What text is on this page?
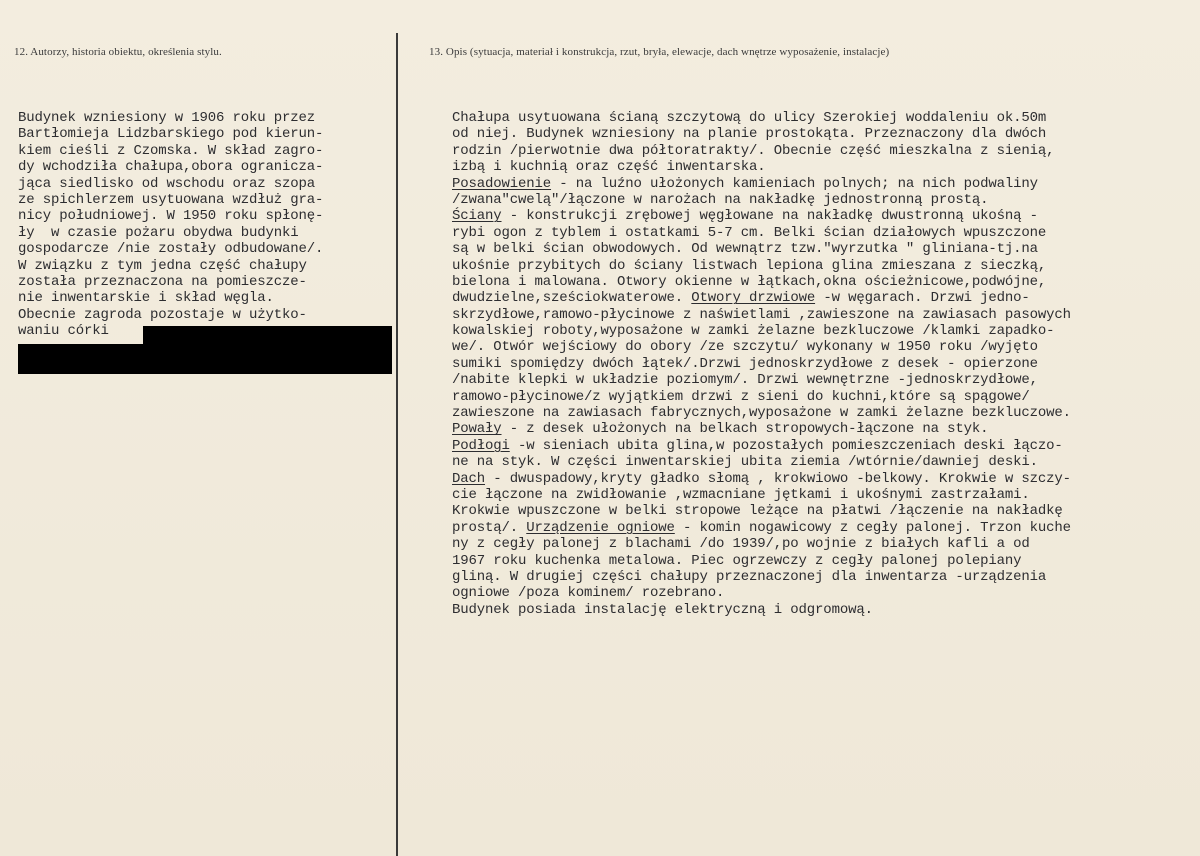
12. Autorzy, historia obiektu, określenia stylu.	13. Opis (sytuacja, materiał i konstrukcja, rzut, bryła, elewacje, dach wnętrze wyposażenie, instalacje)
Budynek wzniesiony w 1906 roku przez
Bartłomieja Lidzbarskiego pod kierun-
kiem cieśli z Czomska. W skład zagro-
dy wchodziła chałupa,obora ogranicza-
jąca siedlisko od wschodu oraz szopa
ze spichlerzem usytuowana wzdłuż gra-
nicy południowej. W 1950 roku spłonę-
ły  w czasie pożaru obydwa budynki
gospodarcze /nie zostały odbudowane/.
W związku z tym jedna część chałupy
została przeznaczona na pomieszcze-
nie inwentarskie i skład węgla.
Obecnie zagroda pozostaje w użytko-
waniu córki
Chałupa usytuowana ścianą szczytową do ulicy Szerokiej woddaleniu ok.50m
od niej. Budynek wzniesiony na planie prostokąta. Przeznaczony dla dwóch
rodzin /pierwotnie dwa półtoratrakty/. Obecnie część mieszkalna z sienią,
izbą i kuchnią oraz część inwentarska.
Posadowienie - na luźno ułożonych kamieniach polnych; na nich podwaliny
/zwana"cwelą"/łączone w narożach na nakładkę jednostronną prostą.
Ściany - konstrukcji zrębowej węgłowane na nakładkę dwustronną ukośną -
rybi ogon z tyblem i ostatkami 5-7 cm. Belki ścian działowych wpuszczone
są w belki ścian obwodowych. Od wewnątrz tzw."wyrzutka " gliniana-tj.na
ukośnie przybitych do ściany listwach lepiona glina zmieszana z sieczką,
bielona i malowana. Otwory okienne w łątkach,okna ościeżnicowe,podwójne,
dwudzielne,sześciokwaterowe. Otwory drzwiowe -w węgarach. Drzwi jedno-
skrzydłowe,ramowo-płycinowe z naświetlami ,zawieszone na zawiasach pasowych
kowalskiej roboty,wyposażone w zamki żelazne bezkluczowe /klamki zapadko-
we/. Otwór wejściowy do obory /ze szczytu/ wykonany w 1950 roku /wyjęto
sumiki spomiędzy dwóch łątek/.Drzwi jednoskrzydłowe z desek - opierzone
/nabite klepki w układzie poziomym/. Drzwi wewnętrzne -jednoskrzydłowe,
ramowo-płycinowe/z wyjątkiem drzwi z sieni do kuchni,które są spągowe/
zawieszone na zawiasach fabrycznych,wyposażone w zamki żelazne bezkluczowe.
Powały - z desek ułożonych na belkach stropowych-łączone na styk.
Podłogi -w sieniach ubita glina,w pozostałych pomieszczeniach deski łączo-
ne na styk. W części inwentarskiej ubita ziemia /wtórnie/dawniej deski.
Dach - dwuspadowy,kryty gładko słomą , krokwiowo -belkowy. Krokwie w szczy-
cie łączone na zwidłowanie ,wzmacniane jętkami i ukośnymi zastrzałami.
Krokwie wpuszczone w belki stropowe leżące na płatwi /łączenie na nakładkę
prostą/. Urządzenie ogniowe - komin nogawicowy z cegły palonej. Trzon kuche
ny z cegły palonej z blachami /do 1939/,po wojnie z białych kafli a od
1967 roku kuchenka metalowa. Piec ogrzewczy z cegły palonej polepiany
gliną. W drugiej części chałupy przeznaczonej dla inwentarza -urządzenia
ogniowe /poza kominem/ rozebrano.
Budynek posiada instalację elektryczną i odgromową.
